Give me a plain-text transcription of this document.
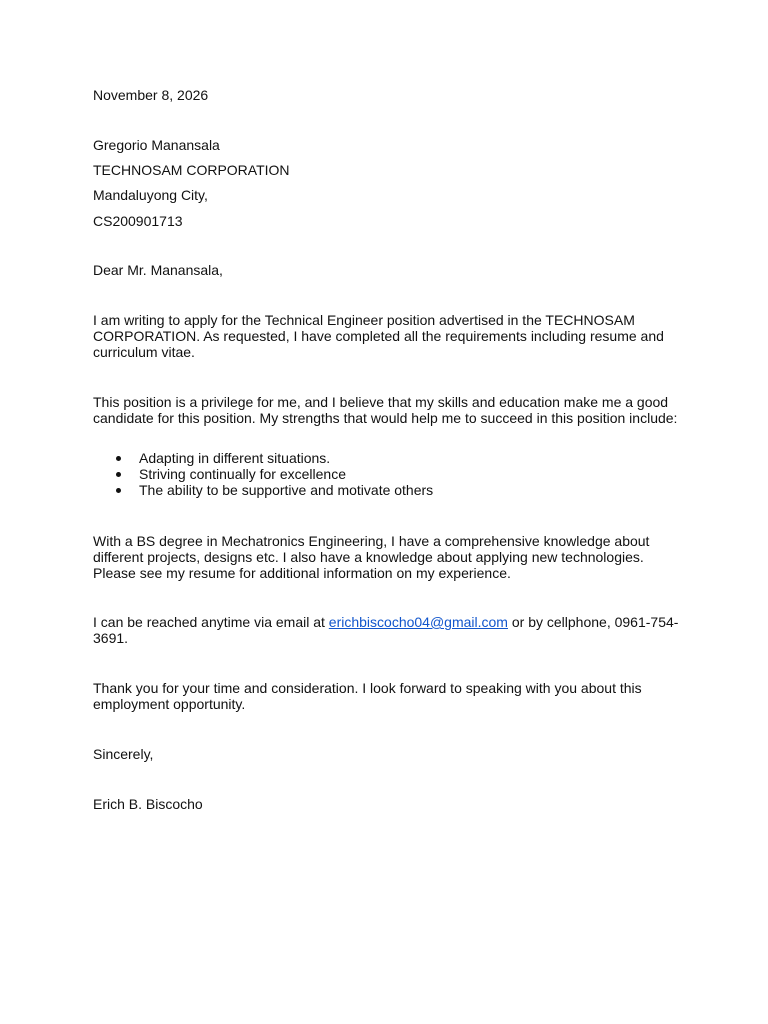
November 8, 2026

Gregorio Manansala

TECHNOSAM CORPORATION

Mandaluyong City,

CS200901713

Dear Mr. Manansala,

I am writing to apply for the Technical Engineer position advertised in the TECHNOSAM CORPORATION. As requested, I have completed all the requirements including resume and curriculum vitae.

This position is a privilege for me, and I believe that my skills and education make me a good candidate for this position. My strengths that would help me to succeed in this position include:

Adapting in different situations.
Striving continually for excellence
The ability to be supportive and motivate others

With a BS degree in Mechatronics Engineering, I have a comprehensive knowledge about different projects, designs etc. I also have a knowledge about applying new technologies. Please see my resume for additional information on my experience.

I can be reached anytime via email at erichbiscocho04@gmail.com or by cellphone, 0961-754-3691.

Thank you for your time and consideration. I look forward to speaking with you about this employment opportunity.

Sincerely,

Erich B. Biscocho
